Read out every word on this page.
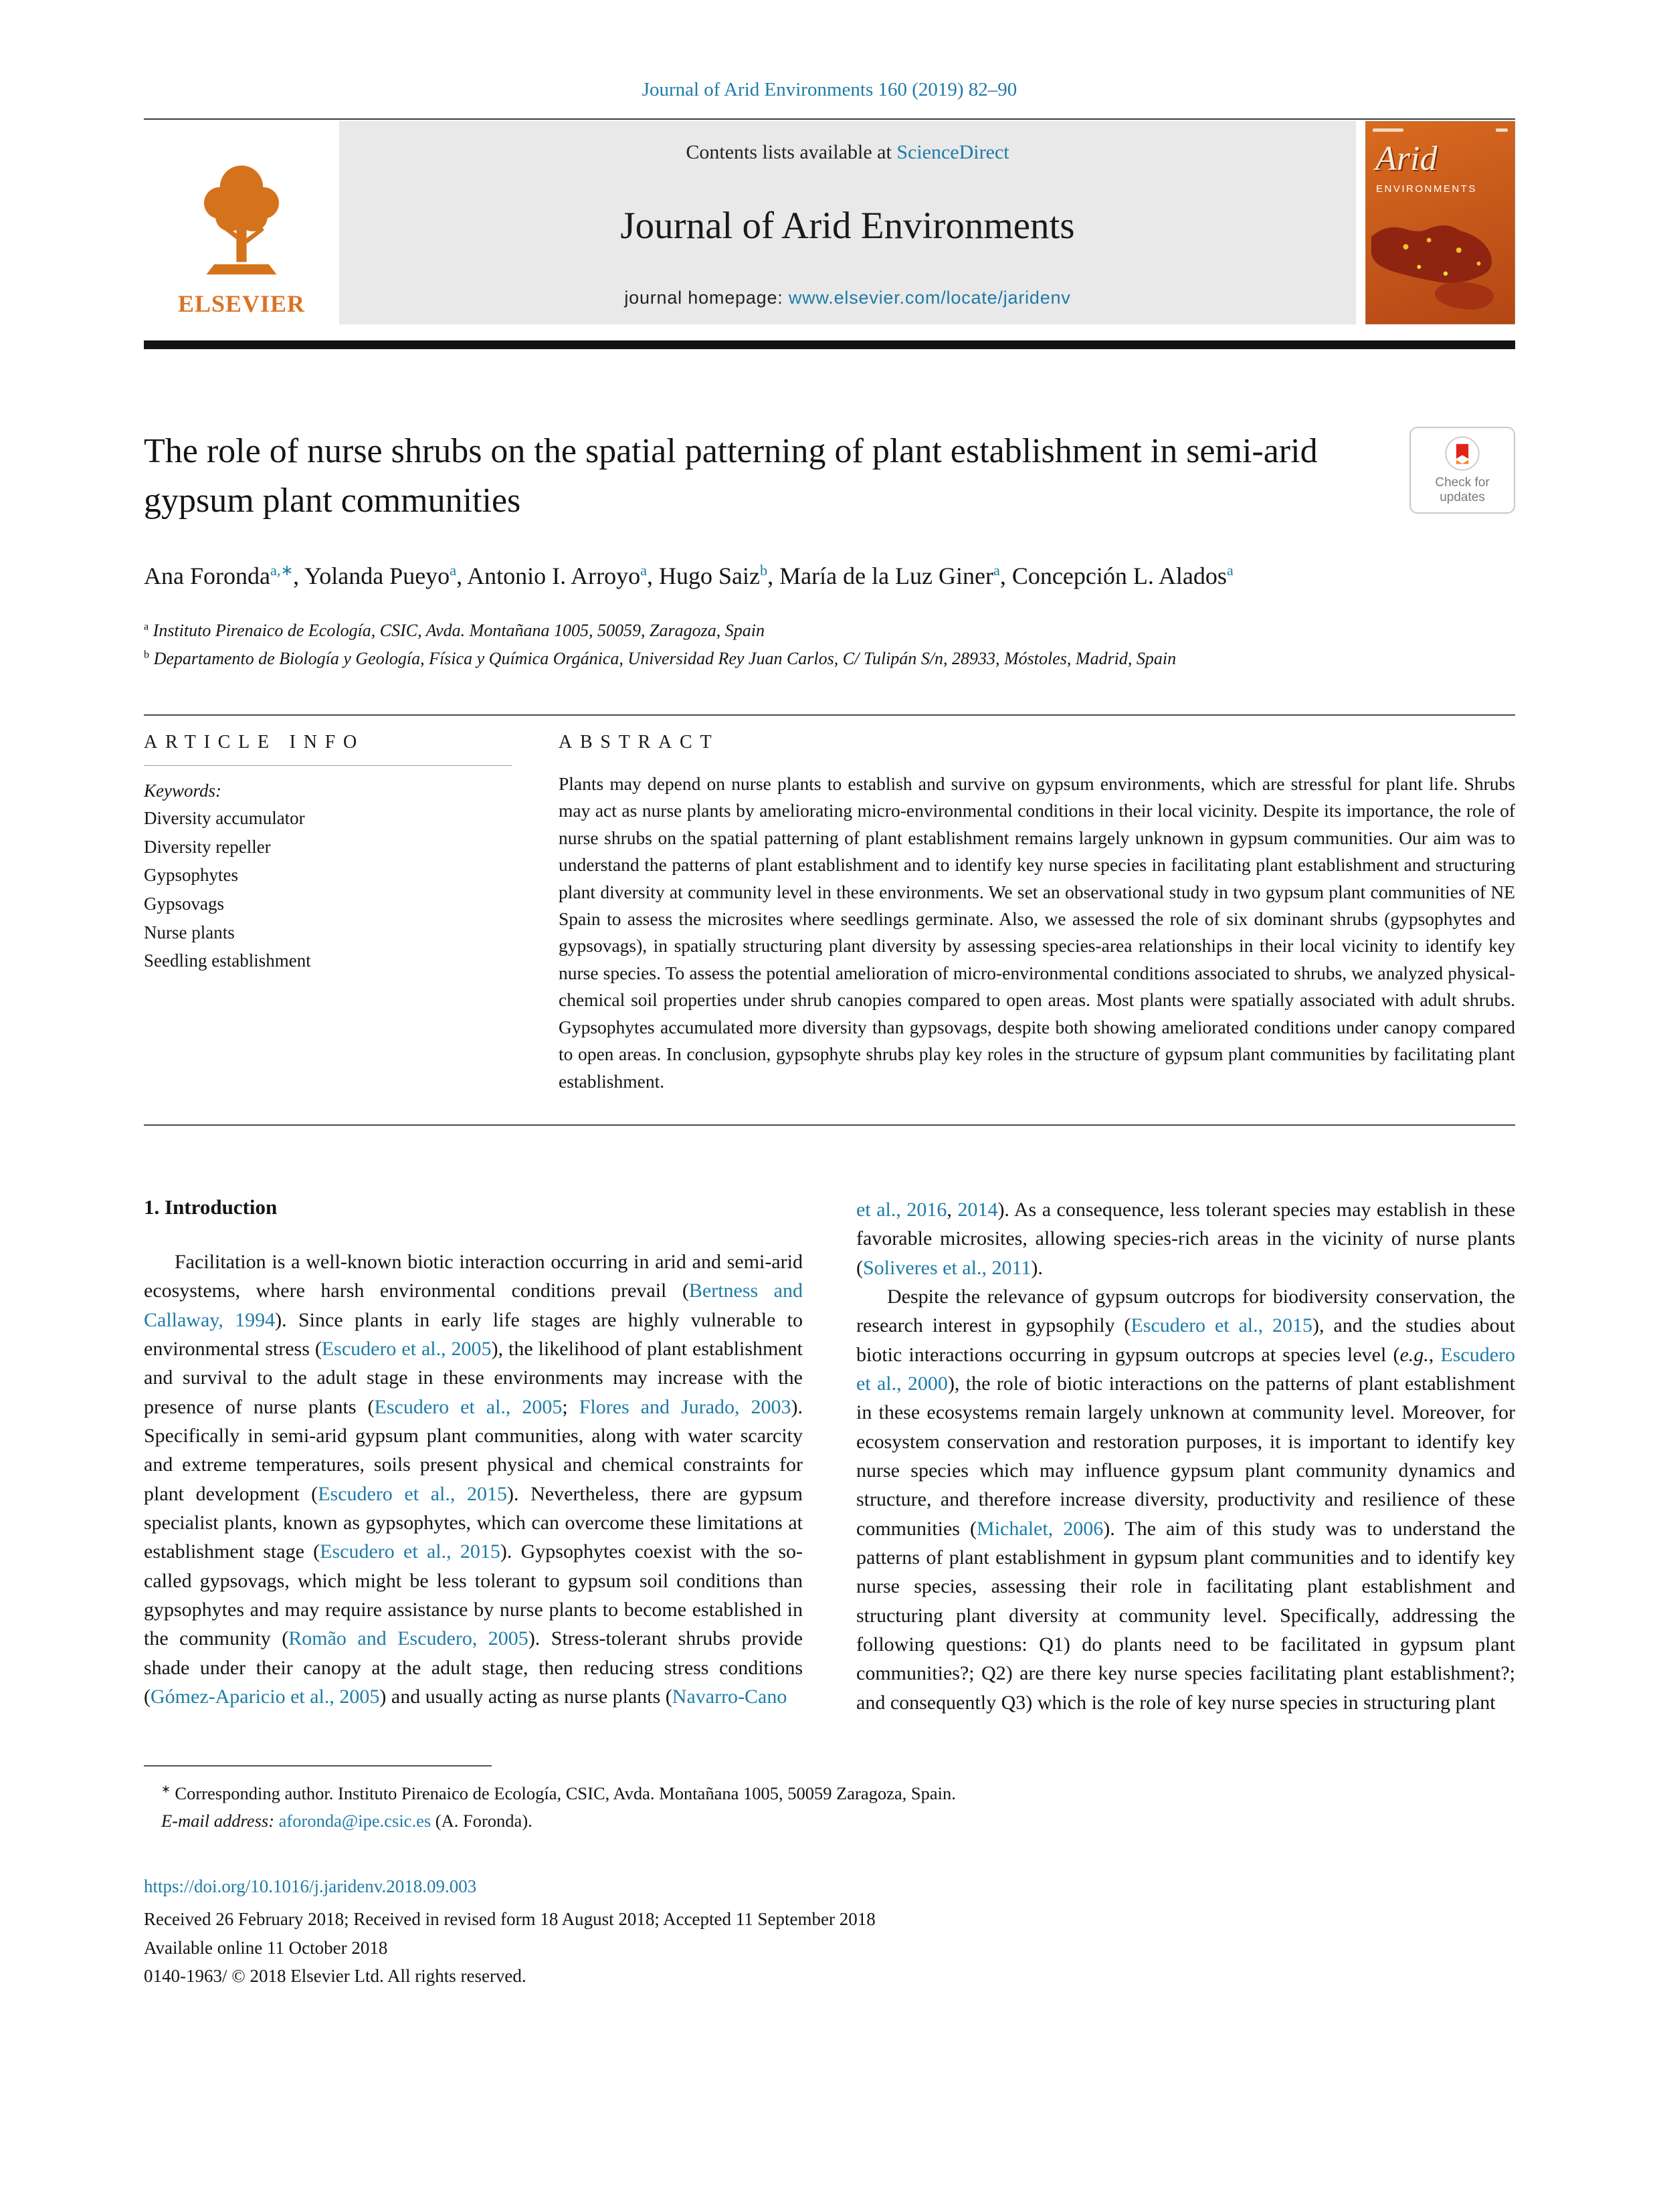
Journal of Arid Environments 160 (2019) 82–90
ELSEVIER
Contents lists available at ScienceDirect
Journal of Arid Environments
journal homepage: www.elsevier.com/locate/jaridenv
Arid
ENVIRONMENTS
The role of nurse shrubs on the spatial patterning of plant establishment in semi-arid gypsum plant communities	Check for
updates
Ana Foronda$^{a,∗}$, Yolanda Pueyo$^a$, Antonio I. Arroyo$^a$, Hugo Saiz$^b$, María de la Luz Giner$^a$, Concepción L. Alados$^a$
$^a$ Instituto Pirenaico de Ecología, CSIC, Avda. Montañana 1005, 50059, Zaragoza, Spain
$^b$ Departamento de Biología y Geología, Física y Química Orgánica, Universidad Rey Juan Carlos, C/ Tulipán S/n, 28933, Móstoles, Madrid, Spain
ARTICLE INFO
Keywords:
Diversity accumulator
Diversity repeller
Gypsophytes
Gypsovags
Nurse plants
Seedling establishment
ABSTRACT
Plants may depend on nurse plants to establish and survive on gypsum environments, which are stressful for plant life. Shrubs may act as nurse plants by ameliorating micro-environmental conditions in their local vicinity. Despite its importance, the role of nurse shrubs on the spatial patterning of plant establishment remains largely unknown in gypsum communities. Our aim was to understand the patterns of plant establishment and to identify key nurse species in facilitating plant establishment and structuring plant diversity at community level in these environments. We set an observational study in two gypsum plant communities of NE Spain to assess the microsites where seedlings germinate. Also, we assessed the role of six dominant shrubs (gypsophytes and gypsovags), in spatially structuring plant diversity by assessing species-area relationships in their local vicinity to identify key nurse species. To assess the potential amelioration of micro-environmental conditions associated to shrubs, we analyzed physical-chemical soil properties under shrub canopies compared to open areas. Most plants were spatially associated with adult shrubs. Gypsophytes accumulated more diversity than gypsovags, despite both showing ameliorated conditions under canopy compared to open areas. In conclusion, gypsophyte shrubs play key roles in the structure of gypsum plant communities by facilitating plant establishment.
1. Introduction
Facilitation is a well-known biotic interaction occurring in arid and semi-arid ecosystems, where harsh environmental conditions prevail (Bertness and Callaway, 1994). Since plants in early life stages are highly vulnerable to environmental stress (Escudero et al., 2005), the likelihood of plant establishment and survival to the adult stage in these environments may increase with the presence of nurse plants (Escudero et al., 2005; Flores and Jurado, 2003). Specifically in semi-arid gypsum plant communities, along with water scarcity and extreme temperatures, soils present physical and chemical constraints for plant development (Escudero et al., 2015). Nevertheless, there are gypsum specialist plants, known as gypsophytes, which can overcome these limitations at establishment stage (Escudero et al., 2015). Gypsophytes coexist with the so-called gypsovags, which might be less tolerant to gypsum soil conditions than gypsophytes and may require assistance by nurse plants to become established in the community (Romão and Escudero, 2005). Stress-tolerant shrubs provide shade under their canopy at the adult stage, then reducing stress conditions (Gómez-Aparicio et al., 2005) and usually acting as nurse plants (Navarro-Cano
et al., 2016, 2014). As a consequence, less tolerant species may establish in these favorable microsites, allowing species-rich areas in the vicinity of nurse plants (Soliveres et al., 2011).
Despite the relevance of gypsum outcrops for biodiversity conservation, the research interest in gypsophily (Escudero et al., 2015), and the studies about biotic interactions occurring in gypsum outcrops at species level (e.g., Escudero et al., 2000), the role of biotic interactions on the patterns of plant establishment in these ecosystems remain largely unknown at community level. Moreover, for ecosystem conservation and restoration purposes, it is important to identify key nurse species which may influence gypsum plant community dynamics and structure, and therefore increase diversity, productivity and resilience of these communities (Michalet, 2006). The aim of this study was to understand the patterns of plant establishment in gypsum plant communities and to identify key nurse species, assessing their role in facilitating plant establishment and structuring plant diversity at community level. Specifically, addressing the following questions: Q1) do plants need to be facilitated in gypsum plant communities?; Q2) are there key nurse species facilitating plant establishment?; and consequently Q3) which is the role of key nurse species in structuring plant
∗ Corresponding author. Instituto Pirenaico de Ecología, CSIC, Avda. Montañana 1005, 50059 Zaragoza, Spain.
E-mail address: aforonda@ipe.csic.es (A. Foronda).
https://doi.org/10.1016/j.jaridenv.2018.09.003
Received 26 February 2018; Received in revised form 18 August 2018; Accepted 11 September 2018
Available online 11 October 2018
0140-1963/ © 2018 Elsevier Ltd. All rights reserved.
